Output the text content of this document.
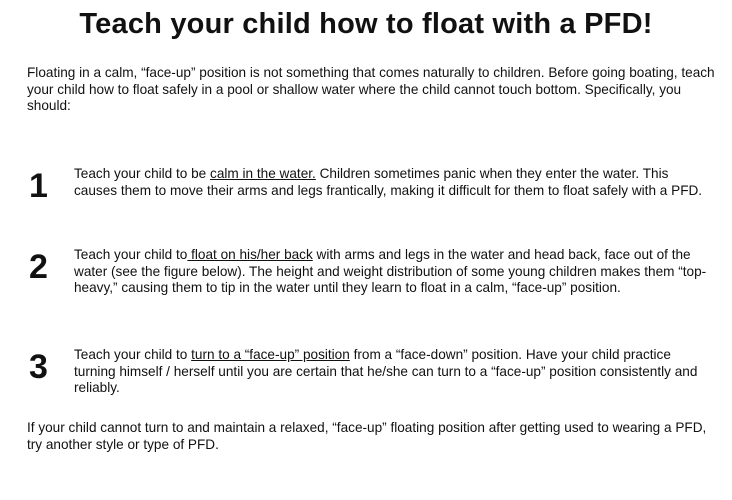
Teach your child how to float with a PFD!
Floating in a calm, “face-up” position is not something that comes naturally to children. Before going boating, teach your child how to float safely in a pool or shallow water where the child cannot touch bottom. Specifically, you should:
1 Teach your child to be calm in the water. Children sometimes panic when they enter the water. This causes them to move their arms and legs frantically, making it difficult for them to float safely with a PFD.
2 Teach your child to float on his/her back with arms and legs in the water and head back, face out of the water (see the figure below). The height and weight distribution of some young children makes them “top-heavy,” causing them to tip in the water until they learn to float in a calm, “face-up” position.
3 Teach your child to turn to a “face-up” position from a “face-down” position. Have your child practice turning himself / herself until you are certain that he/she can turn to a “face-up” position consistently and reliably.
If your child cannot turn to and maintain a relaxed, “face-up” floating position after getting used to wearing a PFD, try another style or type of PFD.
